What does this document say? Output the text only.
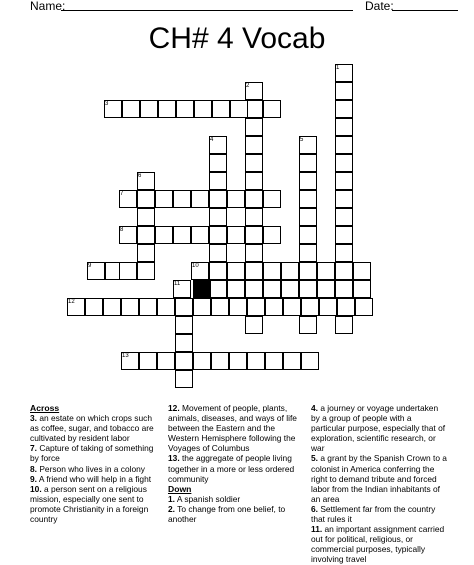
Name:	Date:
CH# 4 Vocab
1
2
3
4	5
6
7
8
9	10
11
12
13
Across

3. an estate on which crops such as coffee, sugar, and tobacco are cultivated by resident labor

7. Capture of taking of something by force

8. Person who lives in a colony

9. A friend who will help in a fight

10. a person sent on a religious mission, especially one sent to promote Christianity in a foreign country

12. Movement of people, plants, animals, diseases, and ways of life between the Eastern and the Western Hemisphere following the Voyages of Columbus

13. the aggregate of people living together in a more or less ordered community

Down

1. A spanish soldier

2. To change from one belief, to another

4. a journey or voyage undertaken by a group of people with a particular purpose, especially that of exploration, scientific research, or war

5. a grant by the Spanish Crown to a colonist in America conferring the right to demand tribute and forced labor from the Indian inhabitants of an area

6. Settlement far from the country that rules it

11. an important assignment carried out for political, religious, or commercial purposes, typically involving travel
